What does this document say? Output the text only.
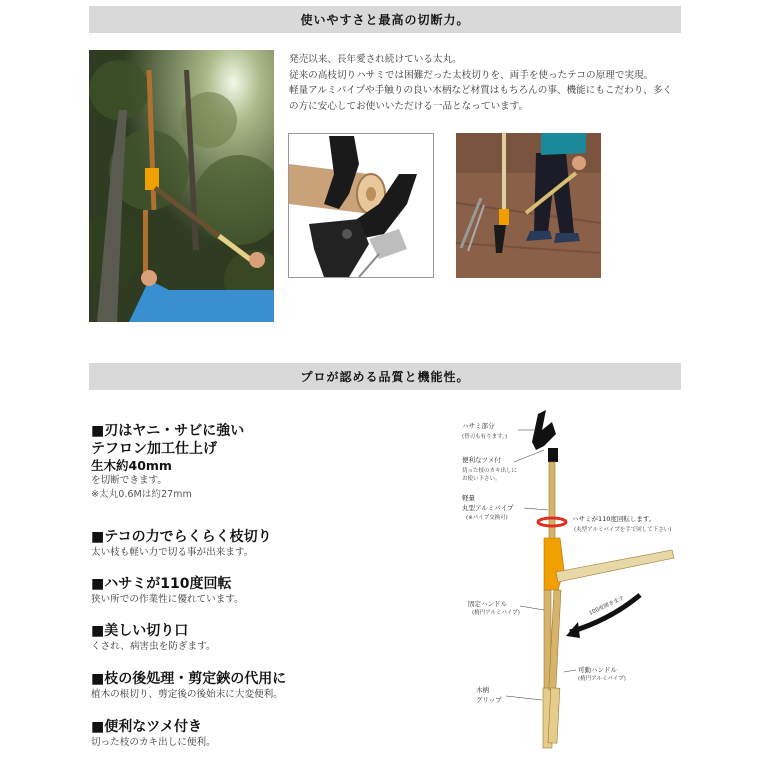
使いやすさと最高の切断力。

発売以来、長年愛され続けている太丸。

従来の高枝切りハサミでは困難だった太枝切りを、両手を使ったテコの原理で実現。

軽量アルミパイプや手触りの良い木柄など材質はもちろんの事、機能にもこだわり、多くの方に安心してお使いいただける一品となっています。

プロが認める品質と機能性。
■刃はヤニ・サビに強い
テフロン加工仕上げ
生木約40mm
を切断できます。
※太丸0.6Mは約27mm
■テコの力でらくらく枝切り
太い枝も軽い力で切る事が出来ます。
■ハサミが110度回転
狭い所での作業性に優れています。
■美しい切り口
くされ、病害虫を防ぎます。
■枝の後処理・剪定鋏の代用に
植木の根切り、剪定後の後始末に大変便利。
■便利なツメ付き
切った枝のカキ出しに便利。
ハサミ部分
(替刃も有ります。)
便利なツメ付
切った枝のカキ出しに
お使い下さい。
軽量
丸型アルミパイプ
(※パイプ交換可)	ハサミが110度回転します。
(丸型アルミパイプを手で回して下さい)
固定ハンドル
(楕円アルミパイプ)	100度開きます
可動ハンドル
(楕円アルミパイプ)
木柄
グリップ
